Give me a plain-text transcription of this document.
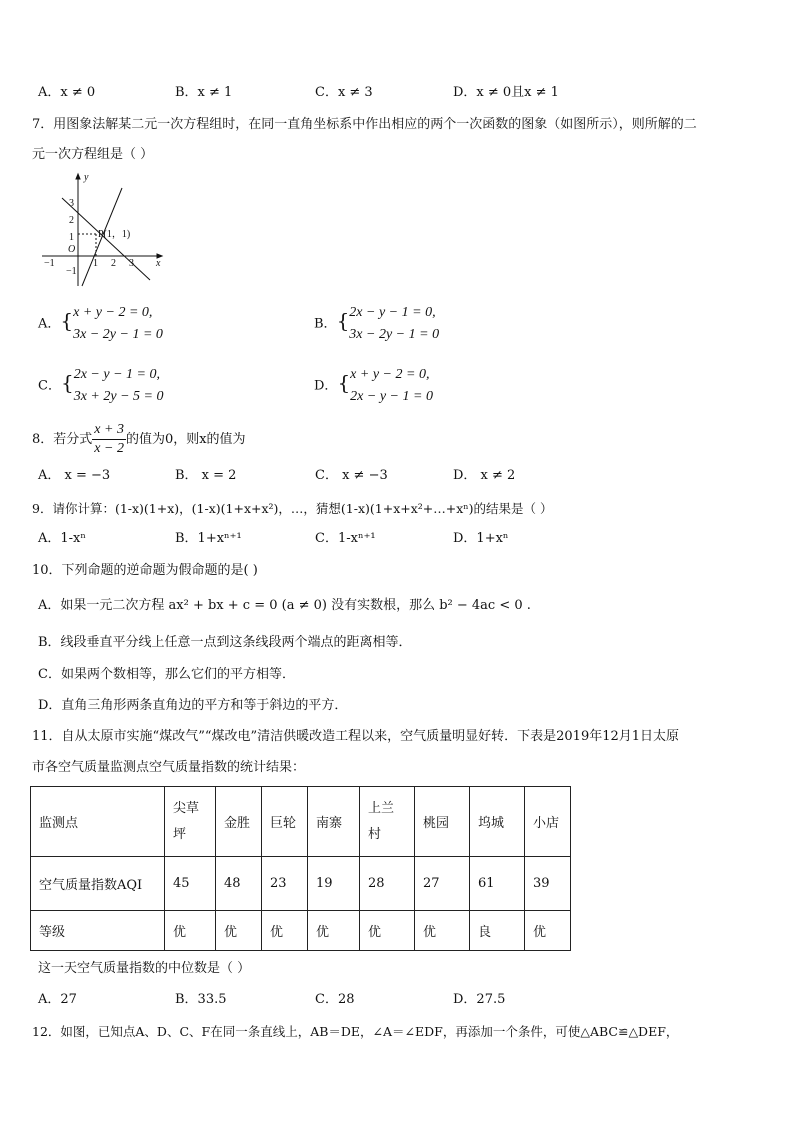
A．x ≠ 0	B．x ≠ 1	C．x ≠ 3	D．x ≠ 0且x ≠ 1
7．用图象法解某二元一次方程组时，在同一直角坐标系中作出相应的两个一次函数的图象（如图所示），则所解的二
元一次方程组是（ ）
y
x
O
P(1，1)
−1	1 2 3
3
2
1
−1
A．{ x + y − 2 = 0,
3x − 2y − 1 = 0
B．{ 2x − y − 1 = 0,
3x − 2y − 1 = 0
C．{ 2x − y − 1 = 0,
3x + 2y − 5 = 0
D．{ x + y − 2 = 0,
2x − y − 1 = 0
8．若分式 $\frac{x + 3}{x - 2}$ 的值为0，则x的值为
A． x = −3	B． x = 2	C． x ≠ −3	D． x ≠ 2
9．请你计算：(1-x)(1+x)，(1-x)(1+x+x²)，…，猜想(1-x)(1+x+x²+…+xⁿ)的结果是（ ）
A．1-xⁿ	B．1+xⁿ⁺¹	C．1-xⁿ⁺¹	D．1+xⁿ
10．下列命题的逆命题为假命题的是( )
A．如果一元二次方程 ax² + bx + c = 0 (a ≠ 0) 没有实数根，那么 b² − 4ac < 0 .
B．线段垂直平分线上任意一点到这条线段两个端点的距离相等．
C．如果两个数相等，那么它们的平方相等．
D．直角三角形两条直角边的平方和等于斜边的平方．
11．自从太原市实施“煤改气”“煤改电”清洁供暖改造工程以来，空气质量明显好转．下表是2019年12月1日太原
市各空气质量监测点空气质量指数的统计结果：
监测点	尖草坪	金胜	巨轮	南寨	上兰村	桃园	坞城	小店
空气质量指数AQI	45	48	23	19	28	27	61	39
等级	优	优	优	优	优	优	良	优
这一天空气质量指数的中位数是（ ）
A．27	B．33.5	C．28	D．27.5
12．如图，已知点A、D、C、F在同一条直线上，AB＝DE，∠A＝∠EDF，再添加一个条件，可使△ABC≌△DEF，
